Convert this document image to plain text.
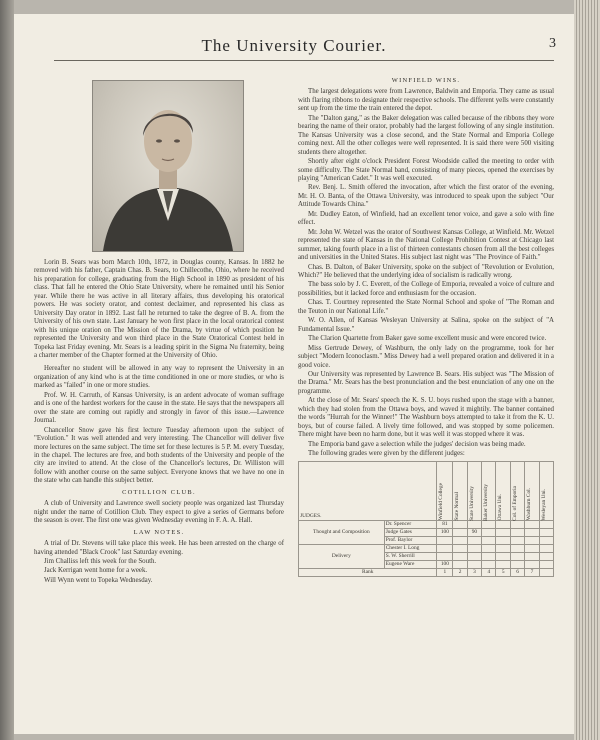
The University Courier.	3

Lorin B. Sears was born March 10th, 1872, in Douglas county, Kansas. In 1882 he removed with his father, Captain Chas. B. Sears, to Chillecothe, Ohio, where he received his preparation for college, graduating from the High School in 1890 as president of his class. That fall he entered the Ohio State University, where he remained until his Senior year. While there he was active in all literary affairs, thus developing his oratorical powers. He was society orator, and contest declaimer, and represented his class as University Day orator in 1892. Last fall he returned to take the degree of B. A. from the University of his own state. Last January he won first place in the local oratorical contest with his unique oration on The Mission of the Drama, by virtue of which position he represented the University and won third place in the State Oratorical Contest held in Topeka last Friday evening. Mr. Sears is a leading spirit in the Sigma Nu fraternity, being a charter member of the Chapter formed at the University of Ohio.

Hereafter no student will be allowed in any way to represent the University in an organization of any kind who is at the time conditioned in one or more studies, or who is marked as "failed" in one or more studies.

Prof. W. H. Carruth, of Kansas University, is an ardent advocate of woman suffrage and is one of the hardest workers for the cause in the state. He says that the newspapers all over the state are coming out rapidly and strongly in favor of this issue.—Lawrence Journal.

Chancellor Snow gave his first lecture Tuesday afternoon upon the subject of "Evolution." It was well attended and very interesting. The Chancellor will deliver five more lectures on the same subject. The time set for these lectures is 5 P. M. every Tuesday, in the chapel. The lectures are free, and both students of the University and people of the city are invited to attend. At the close of the Chancellor's lectures, Dr. Williston will follow with another course on the same subject. Everyone knows that we have no one in the state who can handle this subject better.

COTILLION CLUB.

A club of University and Lawrence swell society people was organized last Thursday night under the name of Cotillion Club. They expect to give a series of Germans before the season is over. The first one was given Wednesday evening in F. A. A. Hall.

LAW NOTES.

A trial of Dr. Stevens will take place this week. He has been arrested on the charge of having attended "Black Crook" last Saturday evening.

Jim Challiss left this week for the South.

Jack Kerrigan went home for a week.

Will Wynn went to Topeka Wednesday.

WINFIELD WINS.

The largest delegations were from Lawrence, Baldwin and Emporia. They came as usual with flaring ribbons to designate their respective schools. The different yells were constantly sent up from the time the train entered the depot.

The "Dalton gang," as the Baker delegation was called because of the ribbons they wore bearing the name of their orator, probably had the largest following of any single institution. The Kansas University was a close second, and the State Normal and Emporia College coming next. All the other colleges were well represented. It is said there were 500 visiting students there altogether.

Shortly after eight o'clock President Forest Woodside called the meeting to order with some difficulty. The State Normal band, consisting of many pieces, opened the exercises by playing "American Cadet." It was well executed.

Rev. Benj. L. Smith offered the invocation, after which the first orator of the evening, Mr. H. O. Banta, of the Ottawa University, was introduced to speak upon the subject "Our Attitude Towards China."

Mr. Dudley Eaton, of Winfield, had an excellent tenor voice, and gave a solo with fine effect.

Mr. John W. Wetzel was the orator of Southwest Kansas College, at Winfield. Mr. Wetzel represented the state of Kansas in the National College Prohibition Contest at Chicago last summer, taking fourth place in a list of thirteen contestants chosen from all the best colleges and universities in the United States. His subject last night was "The Province of Faith."

Chas. B. Dalton, of Baker University, spoke on the subject of "Revolution or Evolution, Which?" He believed that the underlying idea of socialism is radically wrong.

The bass solo by J. C. Everett, of the College of Emporia, revealed a voice of culture and possibilities, but it lacked force and enthusiasm for the occasion.

Chas. T. Courtney represented the State Normal School and spoke of "The Roman and the Teuton in our National Life."

W. O. Allen, of Kansas Wesleyan University at Salina, spoke on the subject of "A Fundamental Issue."

The Clarion Quartette from Baker gave some excellent music and were encored twice.

Miss Gertrude Dewey, of Washburn, the only lady on the programme, took for her subject "Modern Iconoclasm." Miss Dewey had a well prepared oration and delivered it in a good voice.

Our University was represented by Lawrence B. Sears. His subject was "The Mission of the Drama." Mr. Sears has the best pronunciation and the best enunciation of any one on the programme.

At the close of Mr. Sears' speech the K. S. U. boys rushed upon the stage with a banner, which they had stolen from the Ottawa boys, and waved it mightily. The banner contained the words "Hurrah for the Winner!" The Washburn boys attempted to take it from the K. U. boys, but of course failed. A lively time followed, and was stopped by some policemen. There might have been no harm done, but it was well it was stopped where it was.

The Emporia band gave a selection while the judges' decision was being made.

The following grades were given by the different judges:

JUDGES.		Winfield College	State Normal	State University	Baker University	Ottawa Uni.	Col. of Emporia	Washburn Col.	Wesleyan Uni.

Thought and Composition	Dr. Spencer	81							
	Judge Gates	100		90					
	Prof. Baylor								
Delivery	Chester I. Long								
	S. W. Sherrill								
	Eugene Ware	100							
Rank		1	2	3	4	5	6	7	
